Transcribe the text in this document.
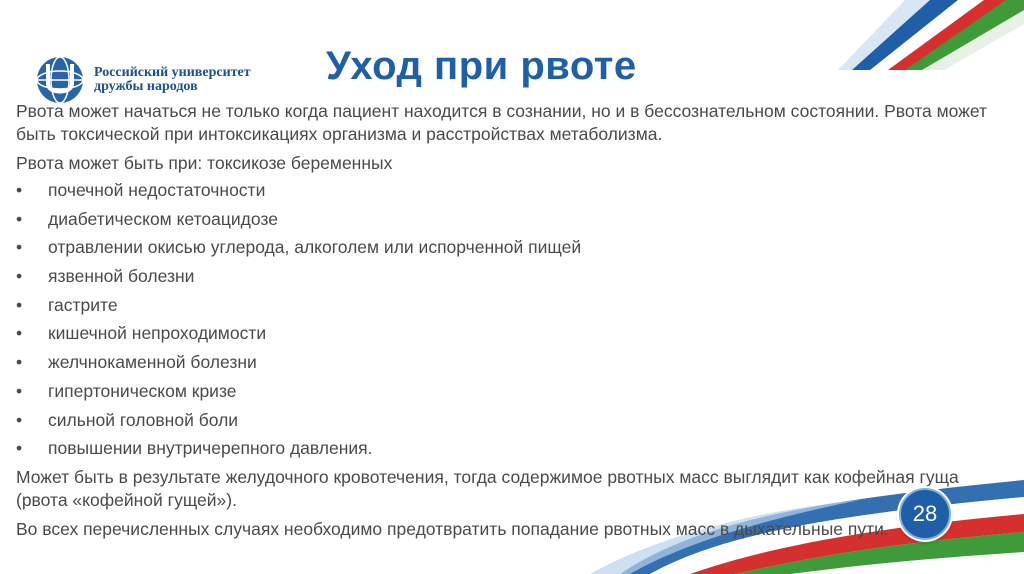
Российский университет
дружбы народов	Уход при рвоте

Рвота может начаться не только когда пациент находится в сознании, но и в бессознательном состоянии. Рвота может быть токсической при интоксикациях организма и расстройствах метаболизма.

Рвота может быть при: токсикозе беременных

•	почечной недостаточности
•	диабетическом кетоацидозе
•	отравлении окисью углерода, алкоголем или испорченной пищей
•	язвенной болезни
•	гастрите
•	кишечной непроходимости
•	желчнокаменной болезни
•	гипертоническом кризе
•	сильной головной боли
•	повышении внутричерепного давления.

Может быть в результате желудочного кровотечения, тогда содержимое рвотных масс выглядит как кофейная гуща (рвота «кофейной гущей»).

Во всех перечисленных случаях необходимо предотвратить попадание рвотных масс в дыхательные пути.

28
